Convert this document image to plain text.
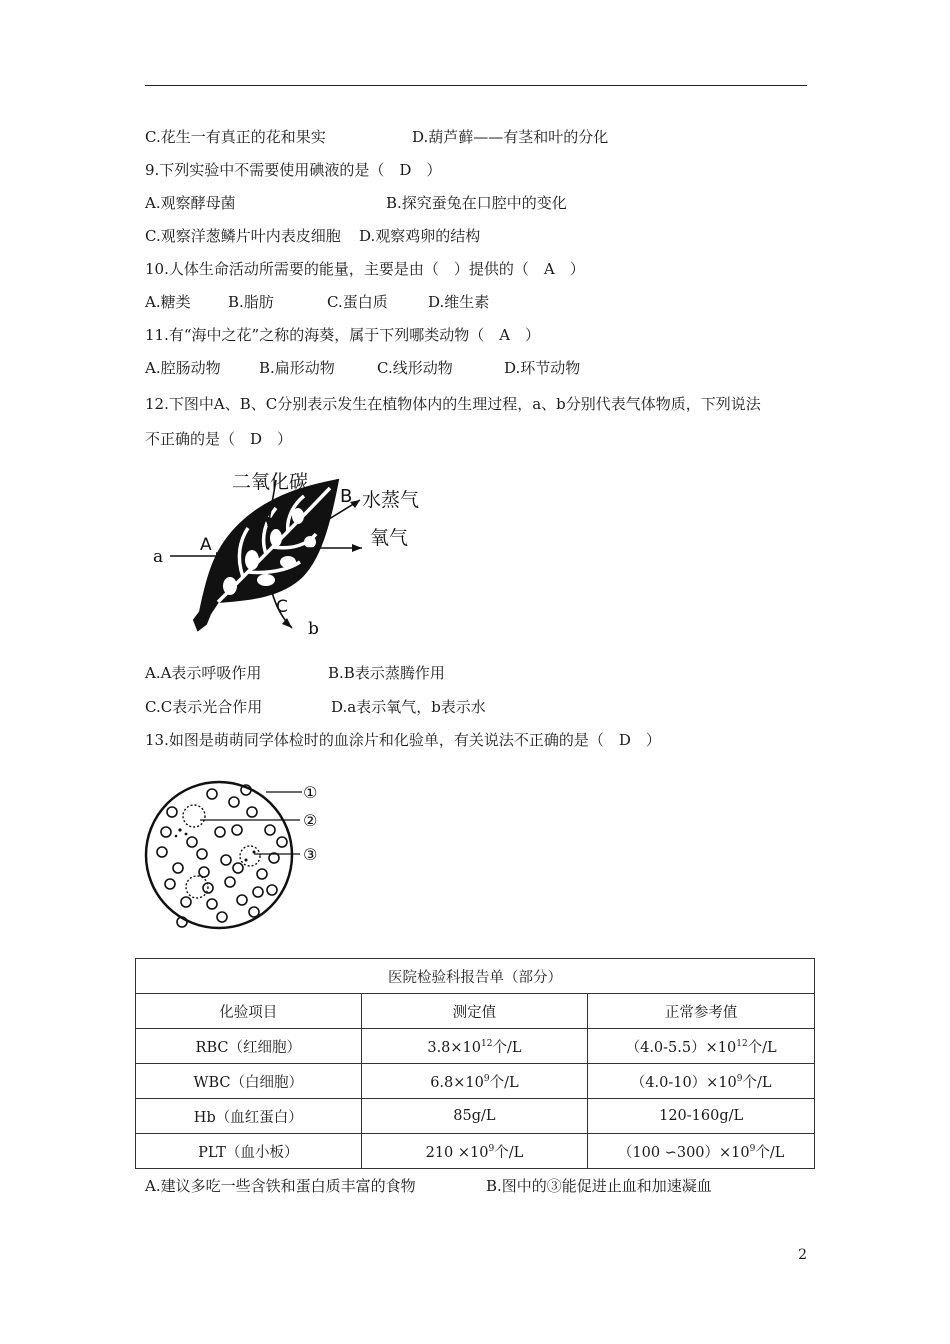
C.花生一有真正的花和果实	D.葫芦藓——有茎和叶的分化
9.下列实验中不需要使用碘液的是（　D　）
A.观察酵母菌	B.探究蚕兔在口腔中的变化
C.观察洋葱鳞片叶内表皮细胞 D.观察鸡卵的结构
10.人体生命活动所需要的能量，主要是由（　）提供的（　A　）
A.糖类 B.脂肪	C.蛋白质	D.维生素
11.有“海中之花”之称的海葵，属于下列哪类动物（　A　）
A.腔肠动物	B.扁形动物	C.线形动物	D.环节动物
12.下图中A、B、C分别表示发生在植物体内的生理过程，a、b分别代表气体物质，下列说法
不正确的是（　D　）
二氧化碳
B 水蒸气
氧气
a
A
C
b
A.A表示呼吸作用	B.B表示蒸腾作用
C.C表示光合作用	D.a表示氧气，b表示水
13.如图是萌萌同学体检时的血涂片和化验单，有关说法不正确的是（　D　）
①
②
③
医院检验科报告单（部分）		
化验项目	测定值	正常参考值
RBC（红细胞）	$3.8\times 10^{12}$个/L	$(4.0-5.5)\times 10^{12}$个/L
WBC（白细胞）	$6.8\times 10^9$个/L	$(4.0-10)\times 10^9$个/L
Hb（血红蛋白）	85g/L	120-160g/L
PLT（血小板）	$210 \times 10^9$个/L	（100 $∽300)\times 10^9$个/L
A.建议多吃一些含铁和蛋白质丰富的食物	B.图中的③能促进止血和加速凝血
2
